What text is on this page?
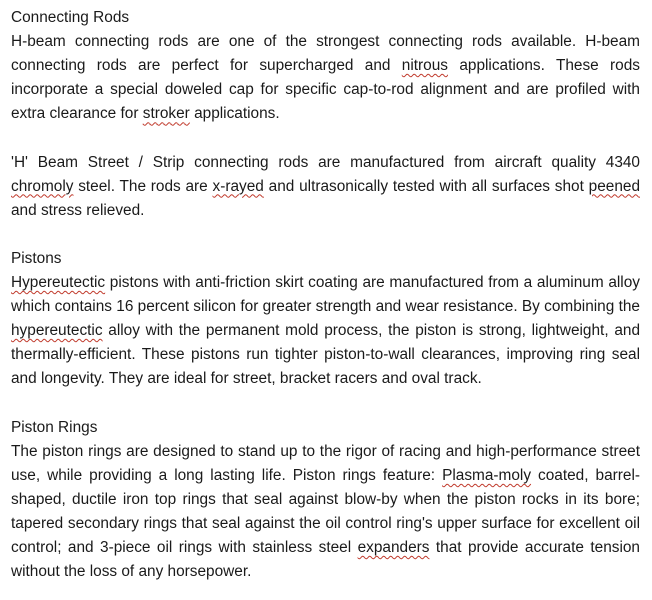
Connecting Rods

H-beam connecting rods are one of the strongest connecting rods available. H-beam connecting rods are perfect for supercharged and nitrous applications. These rods incorporate a special doweled cap for specific cap-to-rod alignment and are profiled with extra clearance for stroker applications.

'H' Beam Street / Strip connecting rods are manufactured from aircraft quality 4340 chromoly steel. The rods are x-rayed and ultrasonically tested with all surfaces shot peened and stress relieved.

Pistons

Hypereutectic pistons with anti-friction skirt coating are manufactured from a aluminum alloy which contains 16 percent silicon for greater strength and wear resistance. By combining the hypereutectic alloy with the permanent mold process, the piston is strong, lightweight, and thermally-efficient. These pistons run tighter piston-to-wall clearances, improving ring seal and longevity. They are ideal for street, bracket racers and oval track.

Piston Rings

The piston rings are designed to stand up to the rigor of racing and high-performance street use, while providing a long lasting life. Piston rings feature: Plasma-moly coated, barrel-shaped, ductile iron top rings that seal against blow-by when the piston rocks in its bore; tapered secondary rings that seal against the oil control ring's upper surface for excellent oil control; and 3-piece oil rings with stainless steel expanders that provide accurate tension without the loss of any horsepower.
